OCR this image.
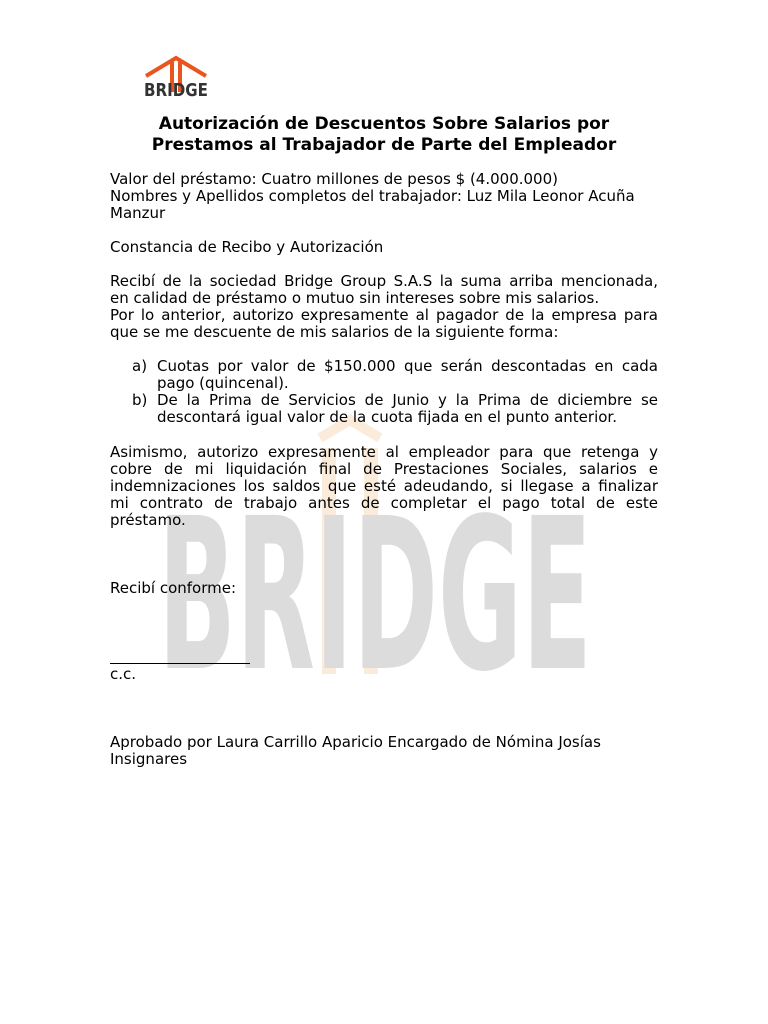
BRIDGE
BRIDGE
Autorización de Descuentos Sobre Salarios por
Prestamos al Trabajador de Parte del Empleador
Valor del préstamo: Cuatro millones de pesos $ (4.000.000)
Nombres y Apellidos completos del trabajador: Luz Mila Leonor Acuña
Manzur
Constancia de Recibo y Autorización
Recibí de la sociedad Bridge Group S.A.S la suma arriba mencionada,
en calidad de préstamo o mutuo sin intereses sobre mis salarios.
Por lo anterior, autorizo expresamente al pagador de la empresa para
que se me descuente de mis salarios de la siguiente forma:
a) Cuotas por valor de $150.000 que serán descontadas en cada
pago (quincenal).
b) De la Prima de Servicios de Junio y la Prima de diciembre se
descontará igual valor de la cuota fijada en el punto anterior.
Asimismo, autorizo expresamente al empleador para que retenga y
cobre de mi liquidación final de Prestaciones Sociales, salarios e
indemnizaciones los saldos que esté adeudando, si llegase a finalizar
mi contrato de trabajo antes de completar el pago total de este
préstamo.
Recibí conforme:
c.c.
Aprobado por Laura Carrillo Aparicio Encargado de Nómina Josías
Insignares
